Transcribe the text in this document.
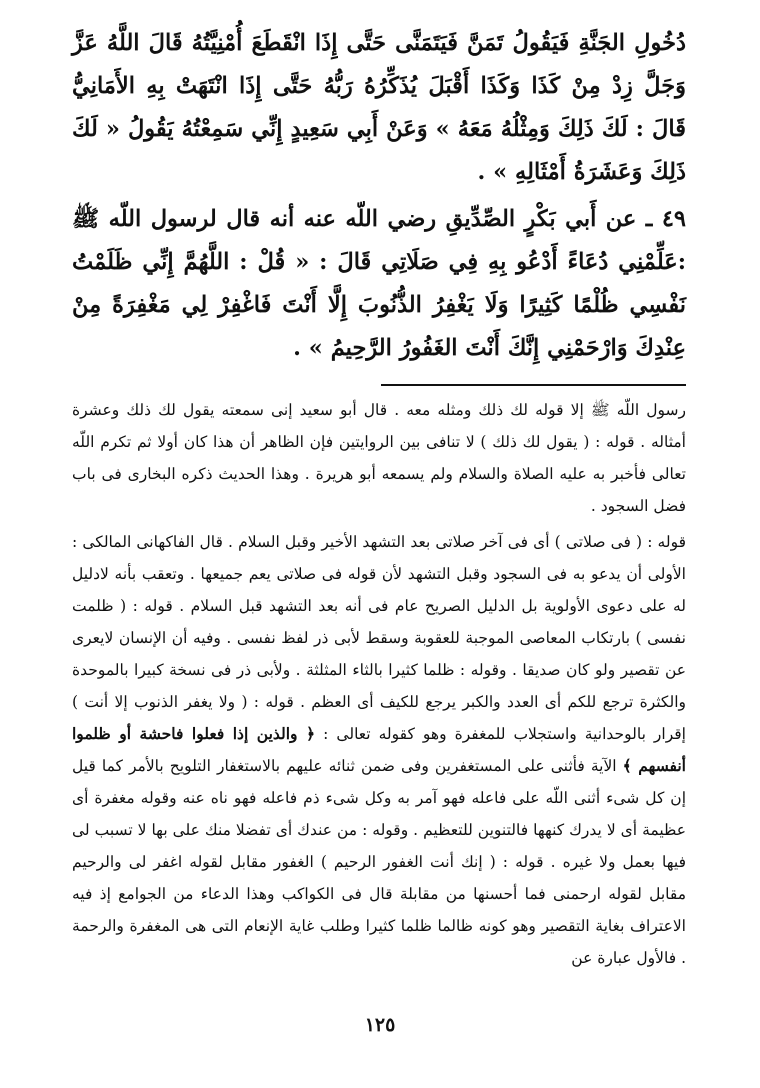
دُخُولِ الجَنَّةِ فَيَقُولُ تَمَنَّ فَيَتَمَنَّى حَتَّى إِذَا انْقَطَعَ أُمْنِيَّتُهُ قَالَ اللَّهُ عَزَّ وَجَلَّ زِدْ مِنْ كَذَا وَكَذَا أَقْبَلَ يُذَكِّرُهُ رَبُّهُ حَتَّى إِذَا انْتَهَتْ بِهِ الأَمَانِيُّ قَالَ : لَكَ ذَلِكَ وَمِثْلُهُ مَعَهُ » وَعَنْ أَبِي سَعِيدٍ إِنِّي سَمِعْتُهُ يَقُولُ « لَكَ ذَلِكَ وَعَشَرَةُ أَمْثَالِهِ » .

٤٩ ـ عن أَبي بَكْرٍ الصِّدِّيقِ رضي اللّه عنه أنه قال لرسول اللّه ﷺ :عَلِّمْنِي دُعَاءً أَدْعُو بِهِ فِي صَلَاتِي قَالَ : « قُلْ : اللَّهُمَّ إِنِّي ظَلَمْتُ نَفْسِي ظُلْمًا كَثِيرًا وَلَا يَغْفِرُ الذُّنُوبَ إِلَّا أَنْتَ فَاغْفِرْ لِي مَغْفِرَةً مِنْ عِنْدِكَ وَارْحَمْنِي إِنَّكَ أَنْتَ الغَفُورُ الرَّحِيمُ » .

رسول اللّه ﷺ إلا قوله لك ذلك ومثله معه . قال أبو سعيد إنى سمعته يقول لك ذلك وعشرة أمثاله . قوله : ( يقول لك ذلك ) لا تنافى بين الروايتين فإن الظاهر أن هذا كان أولا ثم تكرم اللّه تعالى فأخبر به عليه الصلاة والسلام ولم يسمعه أبو هريرة . وهذا الحديث ذكره البخارى فى باب فضل السجود .

قوله : ( فى صلاتى ) أى فى آخر صلاتى بعد التشهد الأخير وقبل السلام . قال الفاكهانى المالكى : الأولى أن يدعو به فى السجود وقبل التشهد لأن قوله فى صلاتى يعم جميعها . وتعقب بأنه لادليل له على دعوى الأولوية بل الدليل الصريح عام فى أنه بعد التشهد قبل السلام . قوله : ( ظلمت نفسى ) بارتكاب المعاصى الموجبة للعقوبة وسقط لأبى ذر لفظ نفسى . وفيه أن الإنسان لايعرى عن تقصير ولو كان صديقا . وقوله : ظلما كثيرا بالثاء المثلثة . ولأبى ذر فى نسخة كبيرا بالموحدة والكثرة ترجع للكم أى العدد والكبر يرجع للكيف أى العظم . قوله : ( ولا يغفر الذنوب إلا أنت ) إقرار بالوحدانية واستجلاب للمغفرة وهو كقوله تعالى : ﴿ والذين إذا فعلوا فاحشة أو ظلموا أنفسهم ﴾ الآية فأثنى على المستغفرين وفى ضمن ثنائه عليهم بالاستغفار التلويح بالأمر كما قيل إن كل شىء أثنى اللّه على فاعله فهو آمر به وكل شىء ذم فاعله فهو ناه عنه وقوله مغفرة أى عظيمة أى لا يدرك كنهها فالتنوين للتعظيم . وقوله : من عندك أى تفضلا منك على بها لا تسبب لى فيها بعمل ولا غيره . قوله : ( إنك أنت الغفور الرحيم ) الغفور مقابل لقوله اغفر لى والرحيم مقابل لقوله ارحمنى فما أحسنها من مقابلة قال فى الكواكب وهذا الدعاء من الجوامع إذ فيه الاعتراف بغاية التقصير وهو كونه ظالما ظلما كثيرا وطلب غاية الإنعام التى هى المغفرة والرحمة . فالأول عبارة عن

١٢٥
